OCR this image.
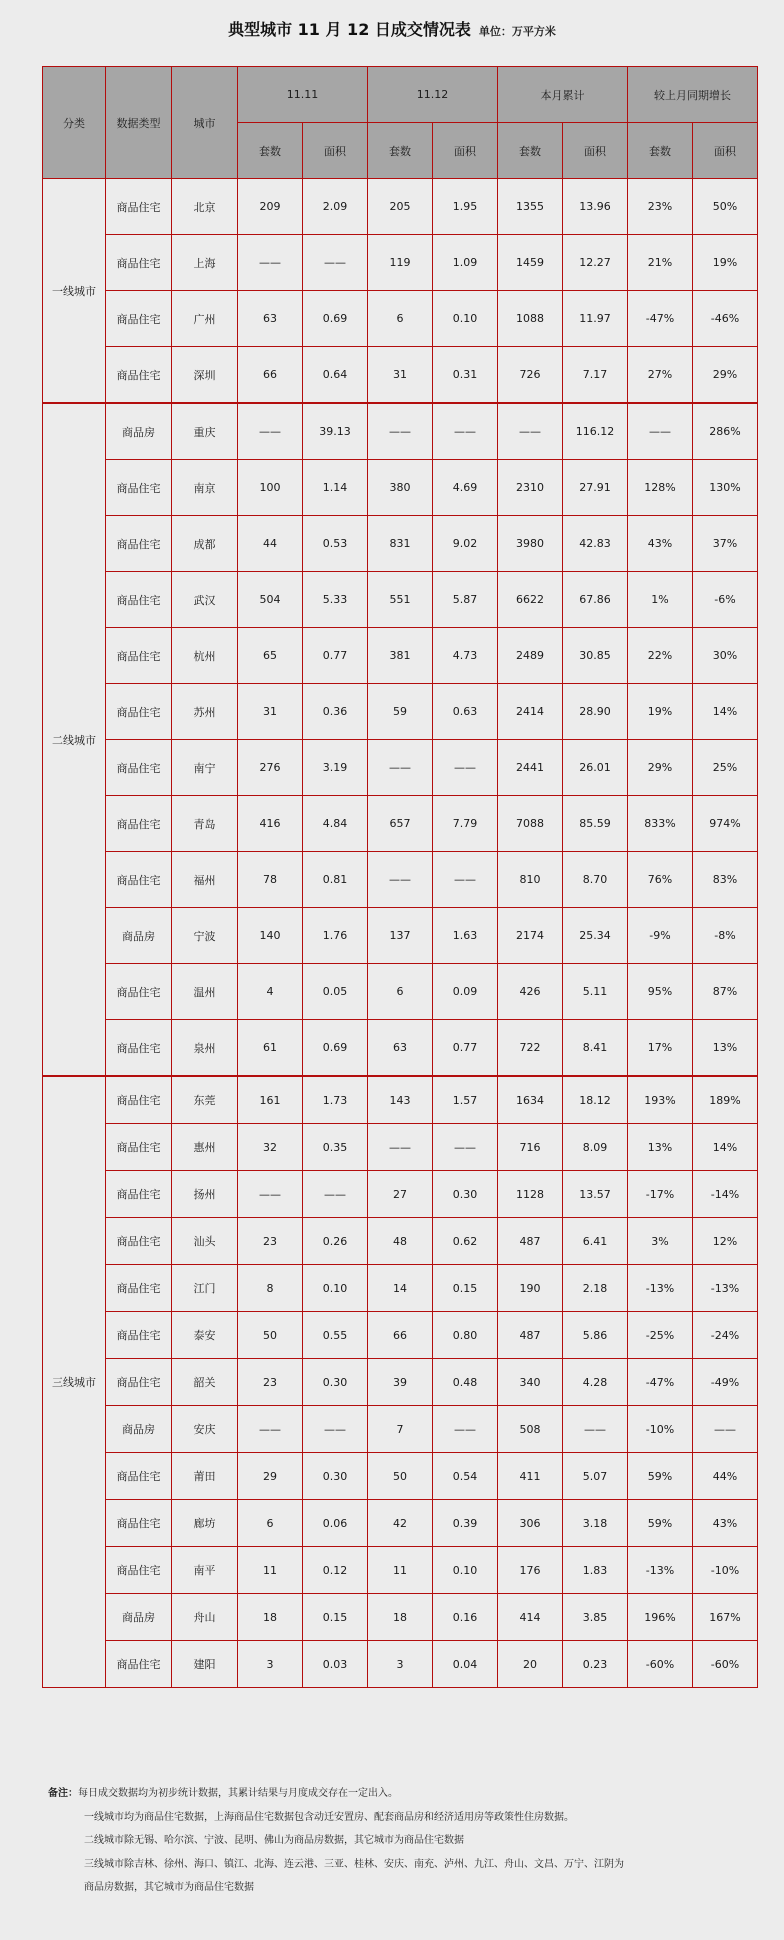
典型城市 11 月 12 日成交情况表 单位：万平方米
分类	数据类型	城市	11.11		11.12		本月累计		较上月同期增长	
			套数	面积	套数	面积	套数	面积	套数	面积
一线城市	商品住宅	北京	209	2.09	205	1.95	1355	13.96	23%	50%
	商品住宅	上海	——	——	119	1.09	1459	12.27	21%	19%
	商品住宅	广州	63	0.69	6	0.10	1088	11.97	-47%	-46%
	商品住宅	深圳	66	0.64	31	0.31	726	7.17	27%	29%
二线城市	商品房	重庆	——	39.13	——	——	——	116.12	——	286%
	商品住宅	南京	100	1.14	380	4.69	2310	27.91	128%	130%
	商品住宅	成都	44	0.53	831	9.02	3980	42.83	43%	37%
	商品住宅	武汉	504	5.33	551	5.87	6622	67.86	1%	-6%
	商品住宅	杭州	65	0.77	381	4.73	2489	30.85	22%	30%
	商品住宅	苏州	31	0.36	59	0.63	2414	28.90	19%	14%
	商品住宅	南宁	276	3.19	——	——	2441	26.01	29%	25%
	商品住宅	青岛	416	4.84	657	7.79	7088	85.59	833%	974%
	商品住宅	福州	78	0.81	——	——	810	8.70	76%	83%
	商品房	宁波	140	1.76	137	1.63	2174	25.34	-9%	-8%
	商品住宅	温州	4	0.05	6	0.09	426	5.11	95%	87%
	商品住宅	泉州	61	0.69	63	0.77	722	8.41	17%	13%
三线城市	商品住宅	东莞	161	1.73	143	1.57	1634	18.12	193%	189%
	商品住宅	惠州	32	0.35	——	——	716	8.09	13%	14%
	商品住宅	扬州	——	——	27	0.30	1128	13.57	-17%	-14%
	商品住宅	汕头	23	0.26	48	0.62	487	6.41	3%	12%
	商品住宅	江门	8	0.10	14	0.15	190	2.18	-13%	-13%
	商品住宅	泰安	50	0.55	66	0.80	487	5.86	-25%	-24%
	商品住宅	韶关	23	0.30	39	0.48	340	4.28	-47%	-49%
	商品房	安庆	——	——	7	——	508	——	-10%	——
	商品住宅	莆田	29	0.30	50	0.54	411	5.07	59%	44%
	商品住宅	廊坊	6	0.06	42	0.39	306	3.18	59%	43%
	商品住宅	南平	11	0.12	11	0.10	176	1.83	-13%	-10%
	商品房	舟山	18	0.15	18	0.16	414	3.85	196%	167%
	商品住宅	建阳	3	0.03	3	0.04	20	0.23	-60%	-60%
备注：每日成交数据均为初步统计数据，其累计结果与月度成交存在一定出入。
一线城市均为商品住宅数据，上海商品住宅数据包含动迁安置房、配套商品房和经济适用房等政策性住房数据。
二线城市除无锡、哈尔滨、宁波、昆明、佛山为商品房数据，其它城市为商品住宅数据
三线城市除吉林、徐州、海口、镇江、北海、连云港、三亚、桂林、安庆、南充、泸州、九江、舟山、文昌、万宁、江阴为
商品房数据，其它城市为商品住宅数据
